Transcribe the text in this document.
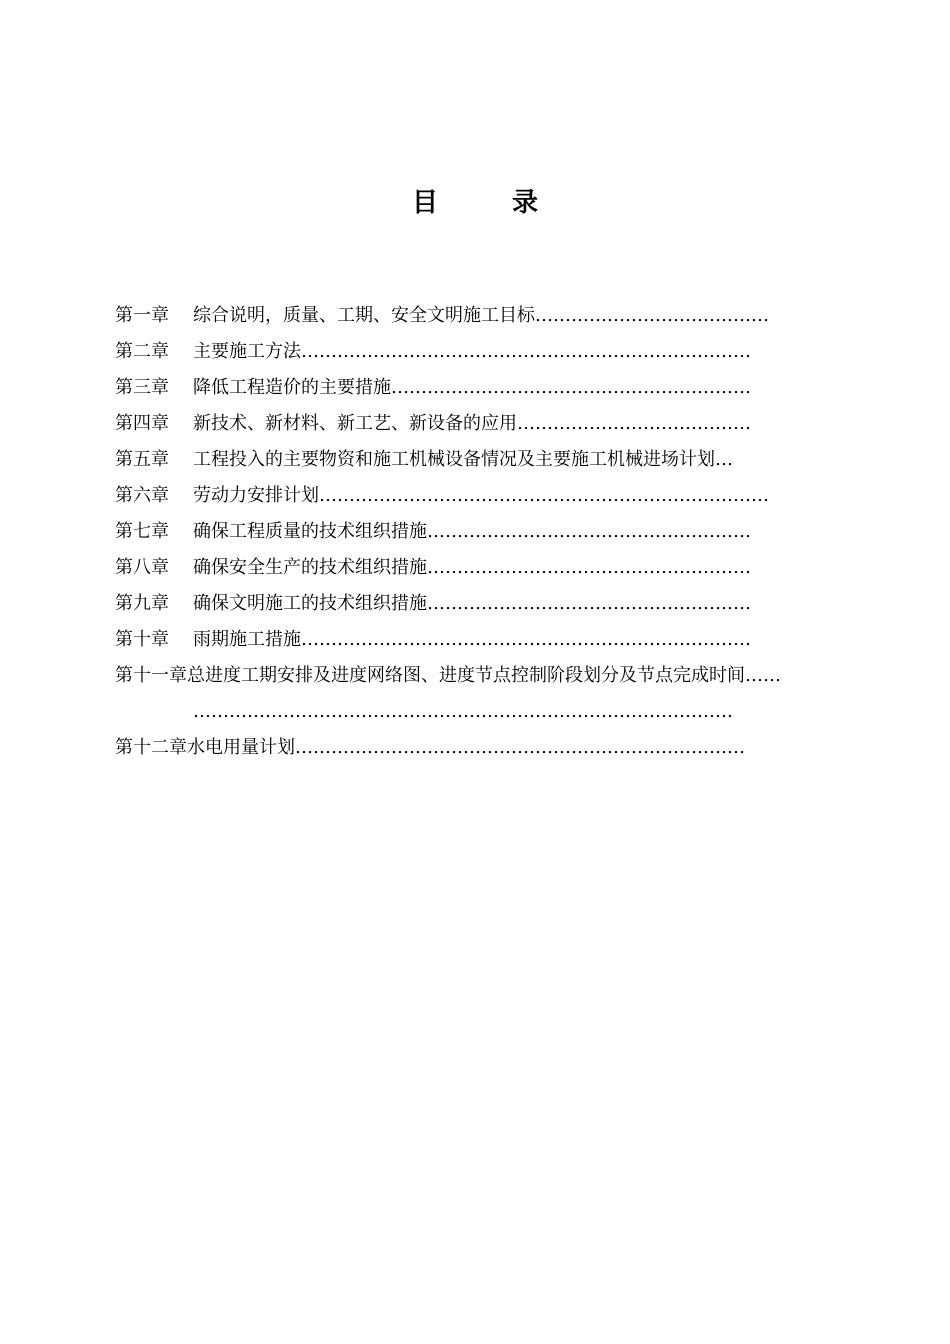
目　录
第一章	综合说明，质量、工期、安全文明施工目标 …………………………………
第二章	主要施工方法 …………………………………………………………………
第三章	降低工程造价的主要措施 ……………………………………………………
第四章	新技术、新材料、新工艺、新设备的应用 …………………………………
第五章	工程投入的主要物资和施工机械设备情况及主要施工机械进场计划 …
第六章	劳动力安排计划 …………………………………………………………………
第七章	确保工程质量的技术组织措施 ………………………………………………
第八章	确保安全生产的技术组织措施 ………………………………………………
第九章	确保文明施工的技术组织措施 ………………………………………………
第十章	雨期施工措施 …………………………………………………………………
第十一章 总进度工期安排及进度网络图、进度节点控制阶段划分及节点完成时间 ……
………………………………………………………………………………
第十二章 水电用量计划 …………………………………………………………………
